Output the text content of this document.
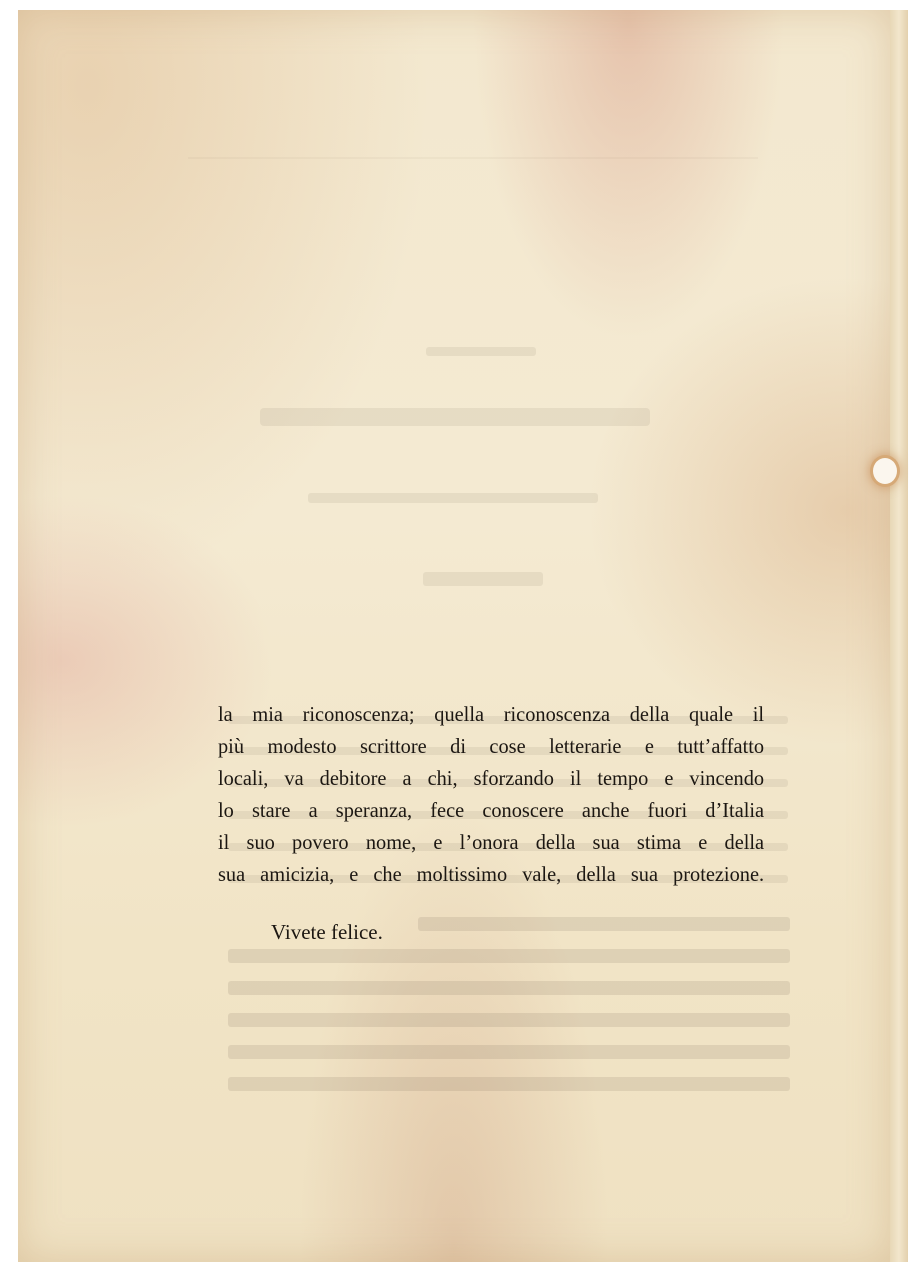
la mia riconoscenza; quella riconoscenza della quale il
più modesto scrittore di cose letterarie e tutt’affatto
locali, va debitore a chi, sforzando il tempo e vincendo
lo stare a speranza, fece conoscere anche fuori d’Italia
il suo povero nome, e l’onora della sua stima e della
sua amicizia, e che moltissimo vale, della sua protezione.
Vivete felice.
